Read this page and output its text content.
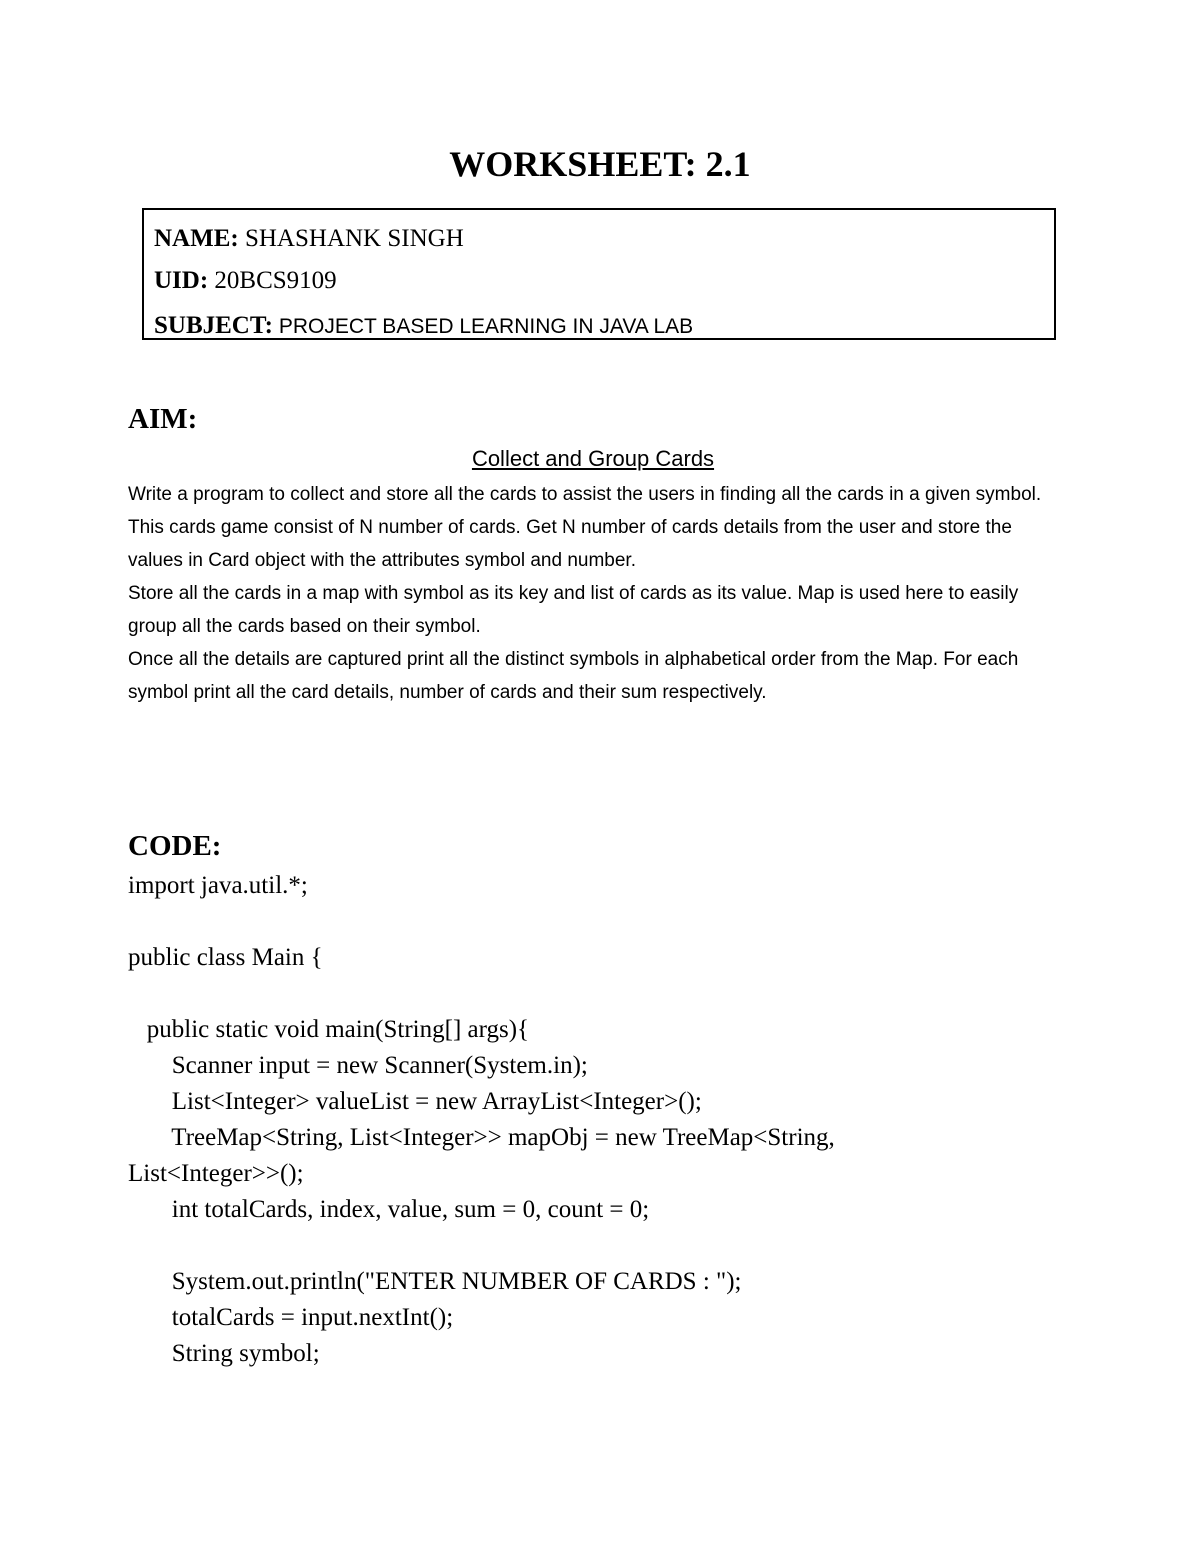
WORKSHEET: 2.1
NAME: SHASHANK SINGH
UID: 20BCS9109
SUBJECT: PROJECT BASED LEARNING IN JAVA LAB
AIM:
Collect and Group Cards

Write a program to collect and store all the cards to assist the users in finding all the cards in a given symbol.

This cards game consist of N number of cards. Get N number of cards details from the user and store the values in Card object with the attributes symbol and number.

Store all the cards in a map with symbol as its key and list of cards as its value. Map is used here to easily group all the cards based on their symbol.

Once all the details are captured print all the distinct symbols in alphabetical order from the Map. For each symbol print all the card details, number of cards and their sum respectively.

CODE:
import java.util.*;
public class Main {
public static void main(String[] args){
Scanner input = new Scanner(System.in);
List<Integer> valueList = new ArrayList<Integer>();
TreeMap<String, List<Integer>> mapObj = new TreeMap<String,
List<Integer>>();
int totalCards, index, value, sum = 0, count = 0;
System.out.println("ENTER NUMBER OF CARDS : ");
totalCards = input.nextInt();
String symbol;
